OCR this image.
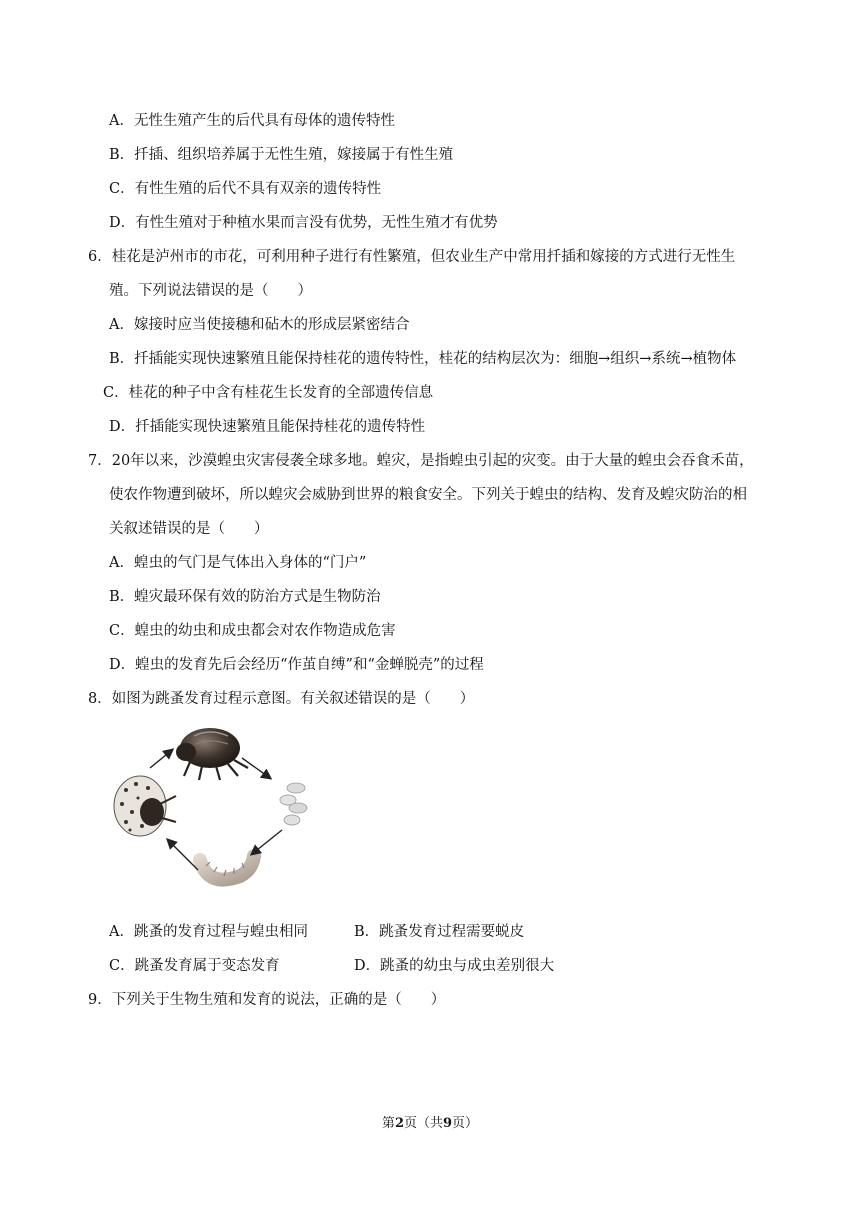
A．无性生殖产生的后代具有母体的遗传特性
B．扦插、组织培养属于无性生殖，嫁接属于有性生殖
C．有性生殖的后代不具有双亲的遗传特性
D．有性生殖对于种植水果而言没有优势，无性生殖才有优势
6．桂花是泸州市的市花，可利用种子进行有性繁殖，但农业生产中常用扦插和嫁接的方式进行无性生
殖。下列说法错误的是（　　）
A．嫁接时应当使接穗和砧木的形成层紧密结合
B．扦插能实现快速繁殖且能保持桂花的遗传特性，桂花的结构层次为：细胞→组织→系统→植物体
C．桂花的种子中含有桂花生长发育的全部遗传信息
D．扦插能实现快速繁殖且能保持桂花的遗传特性
7．20年以来，沙漠蝗虫灾害侵袭全球多地。蝗灾，是指蝗虫引起的灾变。由于大量的蝗虫会吞食禾苗，
使农作物遭到破坏，所以蝗灾会威胁到世界的粮食安全。下列关于蝗虫的结构、发育及蝗灾防治的相
关叙述错误的是（　　）
A．蝗虫的气门是气体出入身体的“门户”
B．蝗灾最环保有效的防治方式是生物防治
C．蝗虫的幼虫和成虫都会对农作物造成危害
D．蝗虫的发育先后会经历“作茧自缚”和“金蝉脱壳”的过程
8．如图为跳蚤发育过程示意图。有关叙述错误的是（　　）
A．跳蚤的发育过程与蝗虫相同	B．跳蚤发育过程需要蜕皮
C．跳蚤发育属于变态发育	D．跳蚤的幼虫与成虫差别很大
9．下列关于生物生殖和发育的说法，正确的是（　　）
第2页（共9页）
